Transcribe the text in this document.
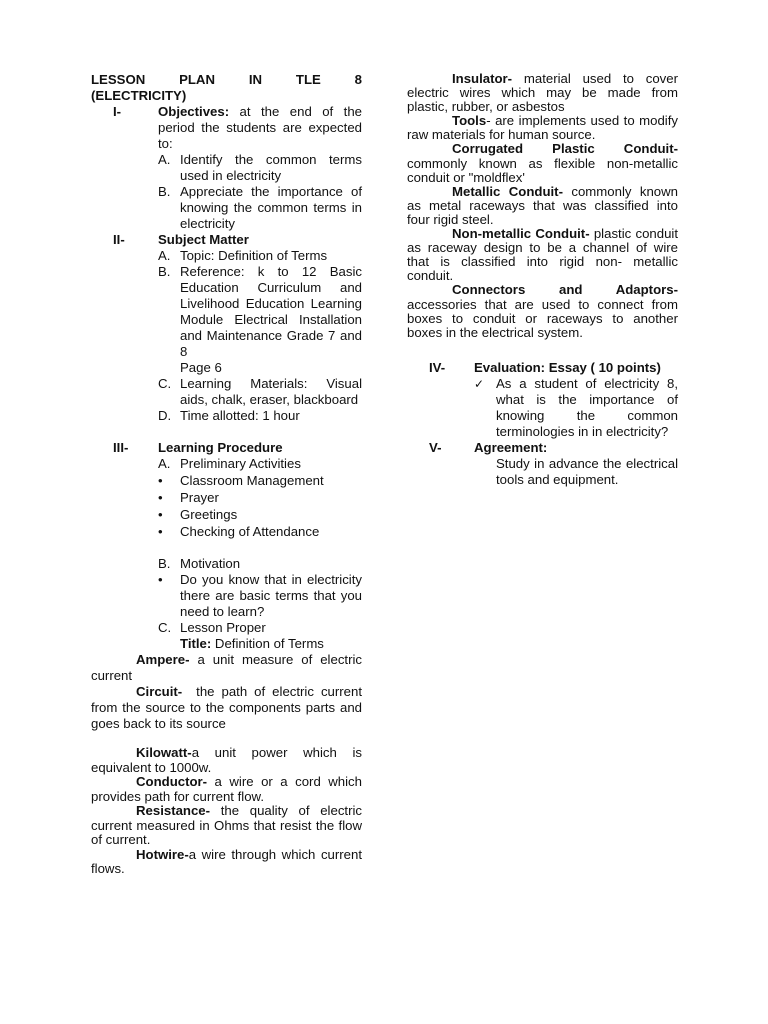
LESSON PLAN IN TLE 8
(ELECTRICITY)
I-	Objectives: at the end of the period the students are expected to:
A. Identify the common terms used in electricity
B. Appreciate the importance of knowing the common terms in electricity
II-	Subject Matter
A. Topic: Definition of Terms
B. Reference: k to 12 Basic Education Curriculum and Livelihood Education Learning Module Electrical Installation and Maintenance Grade 7 and 8
Page 6
C. Learning Materials: Visual aids, chalk, eraser, blackboard
D. Time allotted: 1 hour
III-	Learning Procedure
A. Preliminary Activities
•	Classroom Management
•	Prayer
•	Greetings
•	Checking of Attendance
B. Motivation
•	Do you know that in electricity there are basic terms that you need to learn?
C. Lesson Proper
Title: Definition of Terms
Ampere- a unit measure of electric current
Circuit-  the path of electric current from the source to the components parts and goes back to its source
Kilowatt-a unit power which is equivalent to 1000w.
Conductor- a wire or a cord which provides path for current flow.
Resistance- the quality of electric current measured in Ohms that resist the flow of current.
Hotwire-a wire through which current flows.
Insulator- material used to cover electric wires which may be made from plastic, rubber, or asbestos
Tools- are implements used to modify raw materials for human source.
Corrugated Plastic Conduit- commonly known as flexible non-metallic conduit or "moldflex'
Metallic Conduit- commonly known as metal raceways that was classified into four rigid steel.
Non-metallic Conduit- plastic conduit as raceway design to be a channel of wire that is classified into rigid non- metallic conduit.
Connectors and Adaptors- accessories that are used to connect from boxes to conduit or raceways to another boxes in the electrical system.
IV-	Evaluation: Essay ( 10 points)
✓ As a student of electricity 8, what is the importance of knowing the common terminologies in in electricity?
V-	Agreement:
Study in advance the electrical tools and equipment.
